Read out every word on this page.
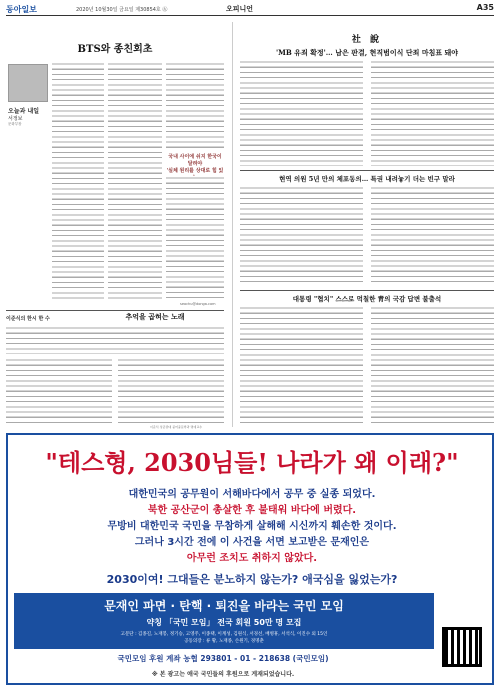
동아일보	2020년 10월30일 금요일 제30854호 ㊧	오피니언	A35
BTS와 종친회초
오늘과 내일
서정보
문화부장
국내 사이에 쉬지 한국이 달려야
'실체 원리를 상대로 힘 있
seochu@donga.com
이준식의 한시 한 수	추억을 곱혀는 노래
이준식 성균관대 중어중문학과 명예교수
社 說
'MB 유죄 확정'… 남은 판결, 현직범이식 단죄 마침표 돼야
현역 의원 5년 만의 체포동의… 특권 내려놓기 더는 빈구 말라
대통령 "협치" 스스로 먹칠한 靑의 국감 답변 불출석
"테스형, 2030님들! 나라가 왜 이래?"
대한민국의 공무원이 서해바다에서 공무 중 실종 되었다.
북한 공산군이 총살한 후 불태워 바다에 버렸다.
무방비 대한민국 국민을 무참하게 살해해 시신까지 훼손한 것이다.
그러나 3시간 전에 이 사건을 서면 보고받은 문재인은
아무런 조치도 취하지 않았다.
2030이여! 그대들은 분노하지 않는가? 애국심을 잃었는가?
문재인 파면 · 탄핵 · 퇴진을 바라는 국민 모임
약칭 「국민 모임」 전국 회원 50만 명 모집
고문단 : 김종길, 노재봉, 정기승, 고영주, 이종택, 이계성, 김원식, 서경선, 배병휴, 서석식, 이진수 외 15인
공동의장 : 류 황, 노재종, 손원기, 경명춘
국민모임 후원 계좌 농협 293801 - 01 - 218638 (국민모임)
※ 본 광고는 애국 국민들의 후원으로 게재되었습니다.
